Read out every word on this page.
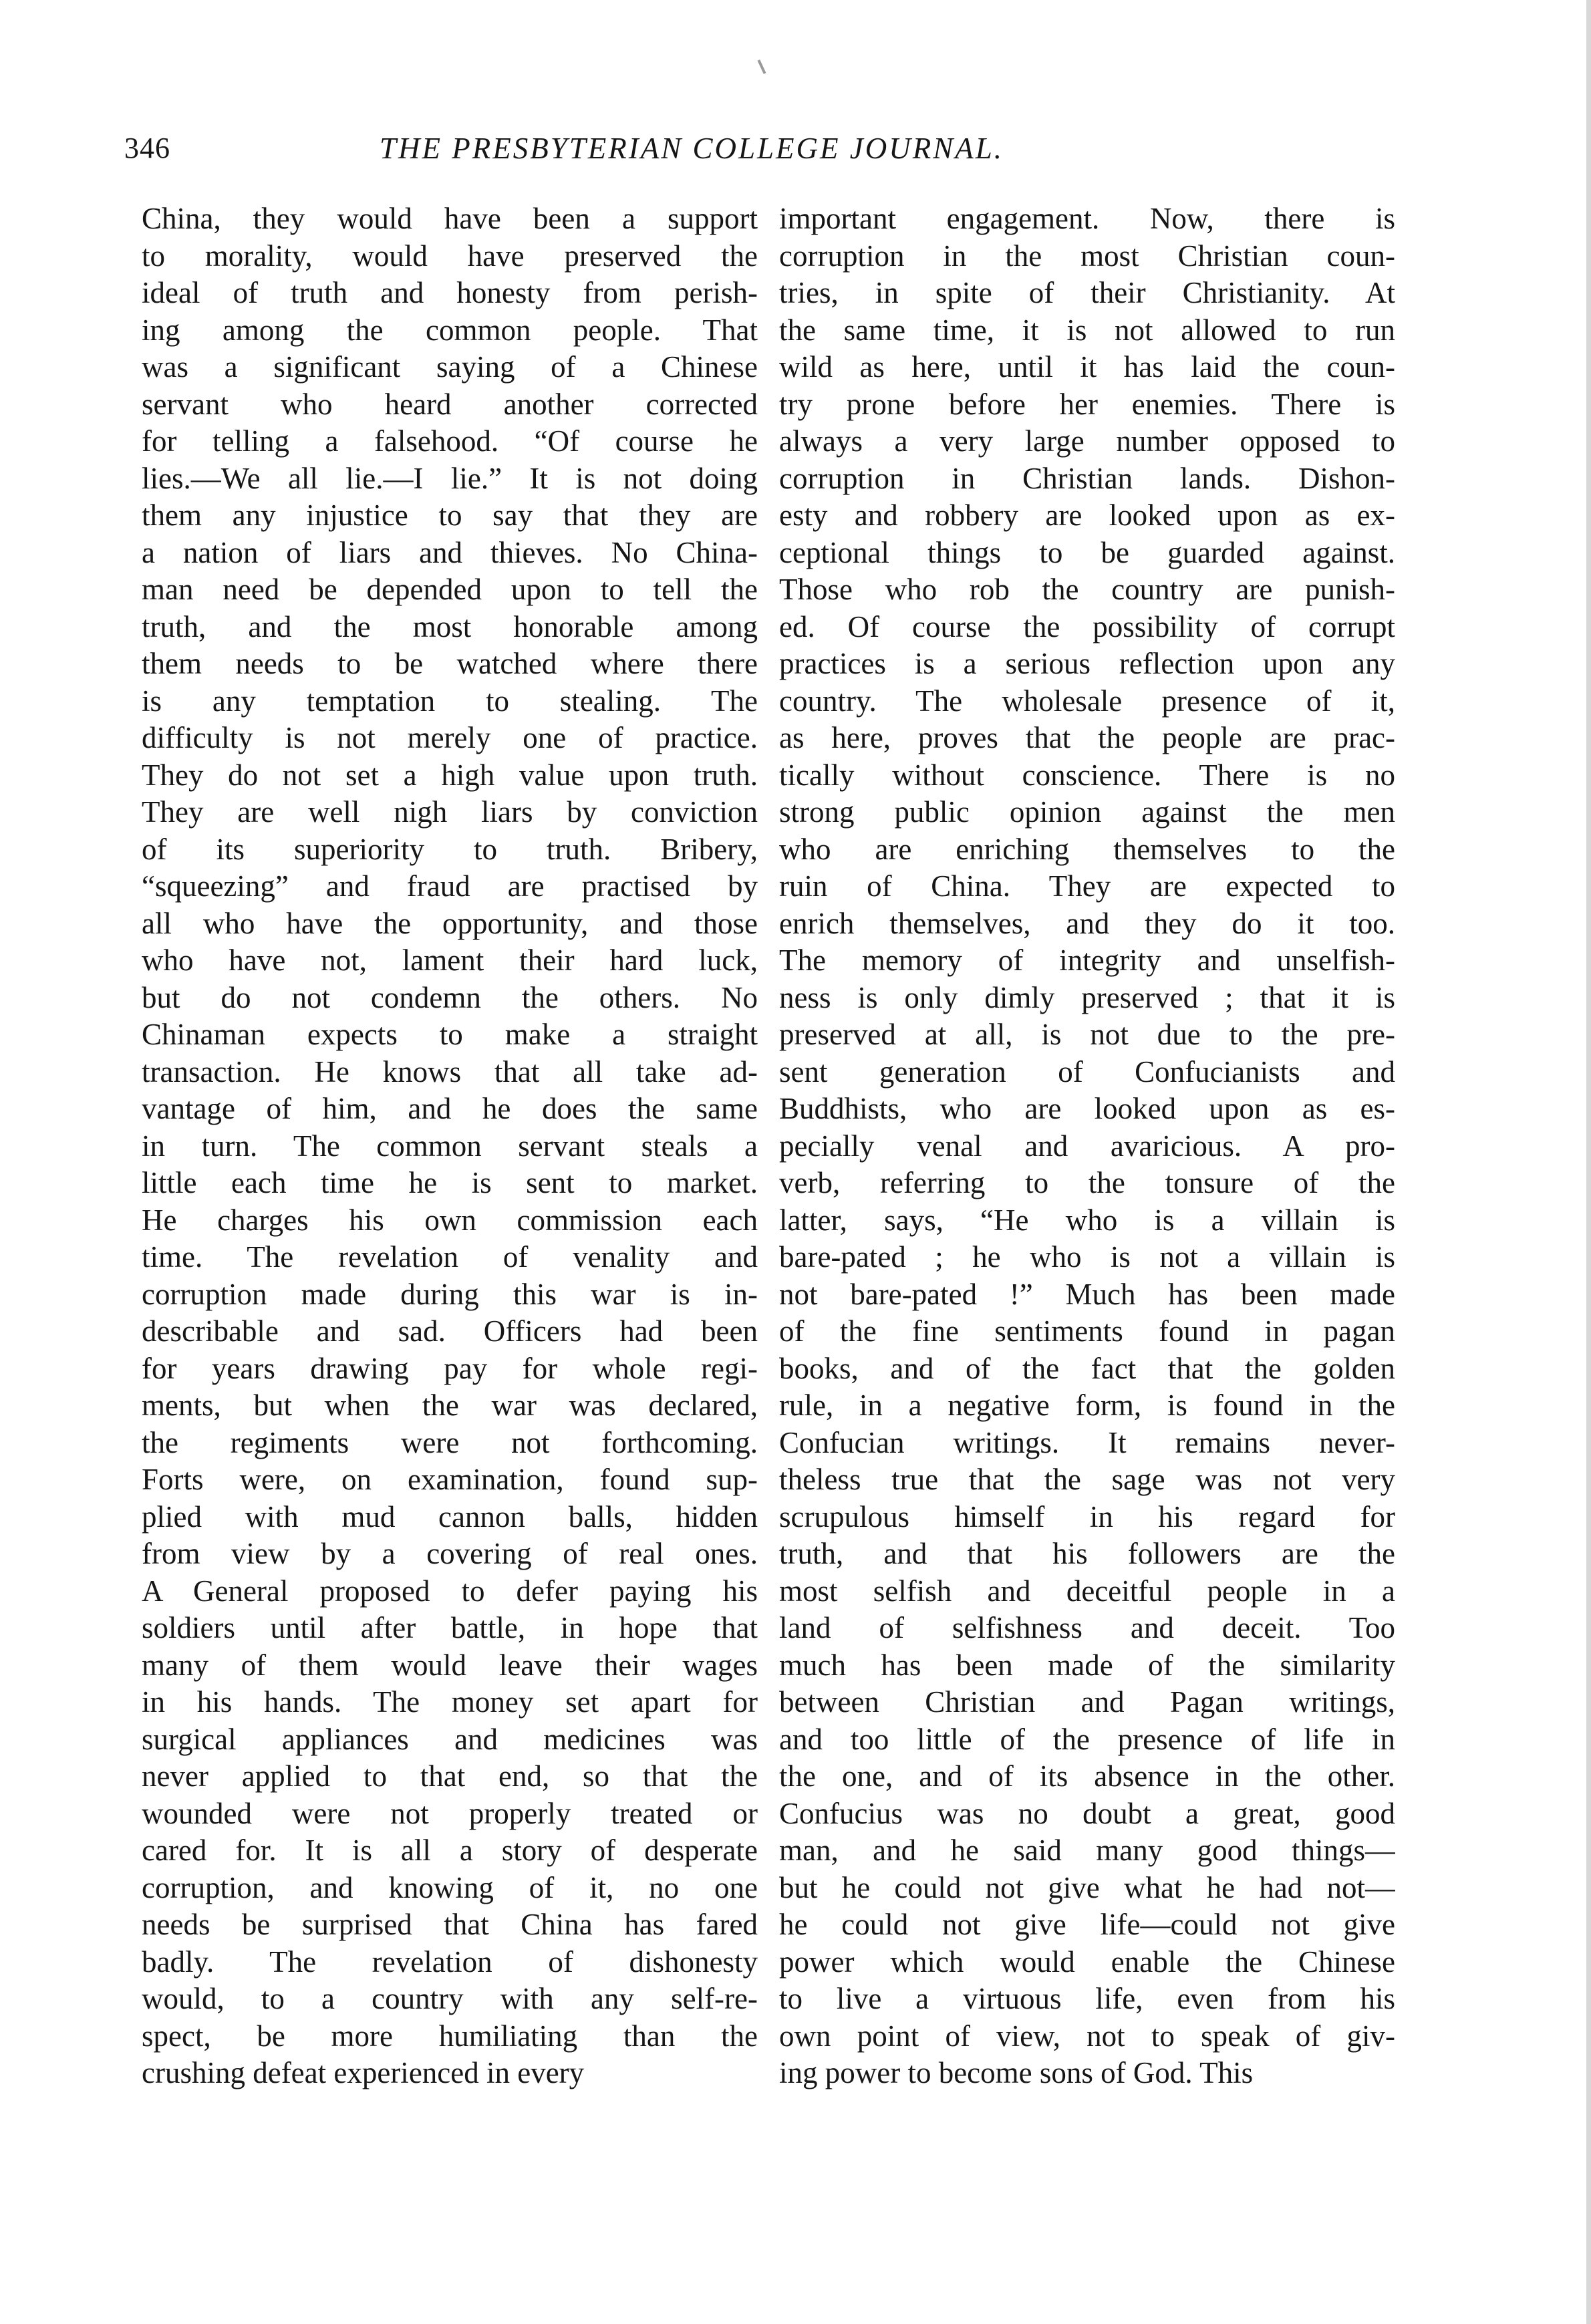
346	THE PRESBYTERIAN COLLEGE JOURNAL.
China, they would have been a support
to morality, would have preserved the
ideal of truth and honesty from perish-
ing among the common people. That
was a significant saying of a Chinese
servant who heard another corrected
for telling a falsehood. “Of course he
lies.—We all lie.—I lie.” It is not doing
them any injustice to say that they are
a nation of liars and thieves. No China-
man need be depended upon to tell the
truth, and the most honorable among
them needs to be watched where there
is any temptation to stealing. The
difficulty is not merely one of practice.
They do not set a high value upon truth.
They are well nigh liars by conviction
of its superiority to truth. Bribery,
“squeezing” and fraud are practised by
all who have the opportunity, and those
who have not, lament their hard luck,
but do not condemn the others. No
Chinaman expects to make a straight
transaction. He knows that all take ad-
vantage of him, and he does the same
in turn. The common servant steals a
little each time he is sent to market.
He charges his own commission each
time. The revelation of venality and
corruption made during this war is in-
describable and sad. Officers had been
for years drawing pay for whole regi-
ments, but when the war was declared,
the regiments were not forthcoming.
Forts were, on examination, found sup-
plied with mud cannon balls, hidden
from view by a covering of real ones.
A General proposed to defer paying his
soldiers until after battle, in hope that
many of them would leave their wages
in his hands. The money set apart for
surgical appliances and medicines was
never applied to that end, so that the
wounded were not properly treated or
cared for. It is all a story of desperate
corruption, and knowing of it, no one
needs be surprised that China has fared
badly. The revelation of dishonesty
would, to a country with any self-re-
spect, be more humiliating than the
crushing defeat experienced in every
important engagement. Now, there is
corruption in the most Christian coun-
tries, in spite of their Christianity. At
the same time, it is not allowed to run
wild as here, until it has laid the coun-
try prone before her enemies. There is
always a very large number opposed to
corruption in Christian lands. Dishon-
esty and robbery are looked upon as ex-
ceptional things to be guarded against.
Those who rob the country are punish-
ed. Of course the possibility of corrupt
practices is a serious reflection upon any
country. The wholesale presence of it,
as here, proves that the people are prac-
tically without conscience. There is no
strong public opinion against the men
who are enriching themselves to the
ruin of China. They are expected to
enrich themselves, and they do it too.
The memory of integrity and unselfish-
ness is only dimly preserved ; that it is
preserved at all, is not due to the pre-
sent generation of Confucianists and
Buddhists, who are looked upon as es-
pecially venal and avaricious. A pro-
verb, referring to the tonsure of the
latter, says, “He who is a villain is
bare-pated ; he who is not a villain is
not bare-pated !” Much has been made
of the fine sentiments found in pagan
books, and of the fact that the golden
rule, in a negative form, is found in the
Confucian writings. It remains never-
theless true that the sage was not very
scrupulous himself in his regard for
truth, and that his followers are the
most selfish and deceitful people in a
land of selfishness and deceit. Too
much has been made of the similarity
between Christian and Pagan writings,
and too little of the presence of life in
the one, and of its absence in the other.
Confucius was no doubt a great, good
man, and he said many good things—
but he could not give what he had not—
he could not give life—could not give
power which would enable the Chinese
to live a virtuous life, even from his
own point of view, not to speak of giv-
ing power to become sons of God. This
